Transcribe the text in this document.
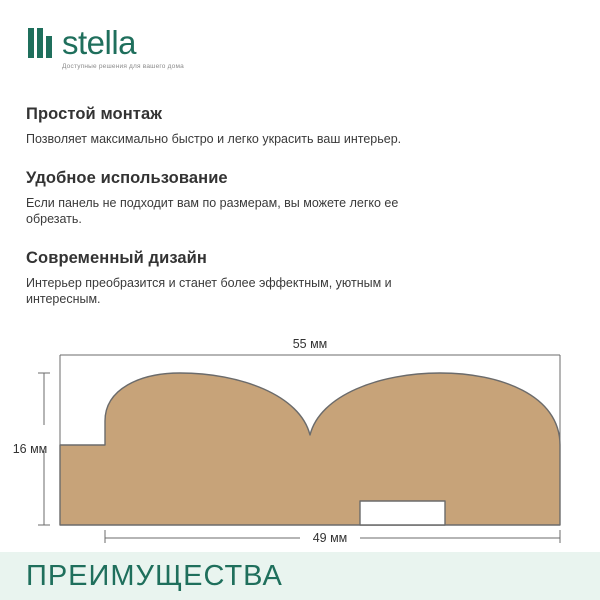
stella
Доступные решения для вашего дома
Простой монтаж

Позволяет максимально быстро и легко украсить ваш интерьер.

Удобное использование

Если панель не подходит вам по размерам, вы можете легко ее обрезать.

Современный дизайн

Интерьер преобразится и станет более эффектным, уютным и интересным.

55 мм
16 мм
49 мм
ПРЕИМУЩЕСТВА
